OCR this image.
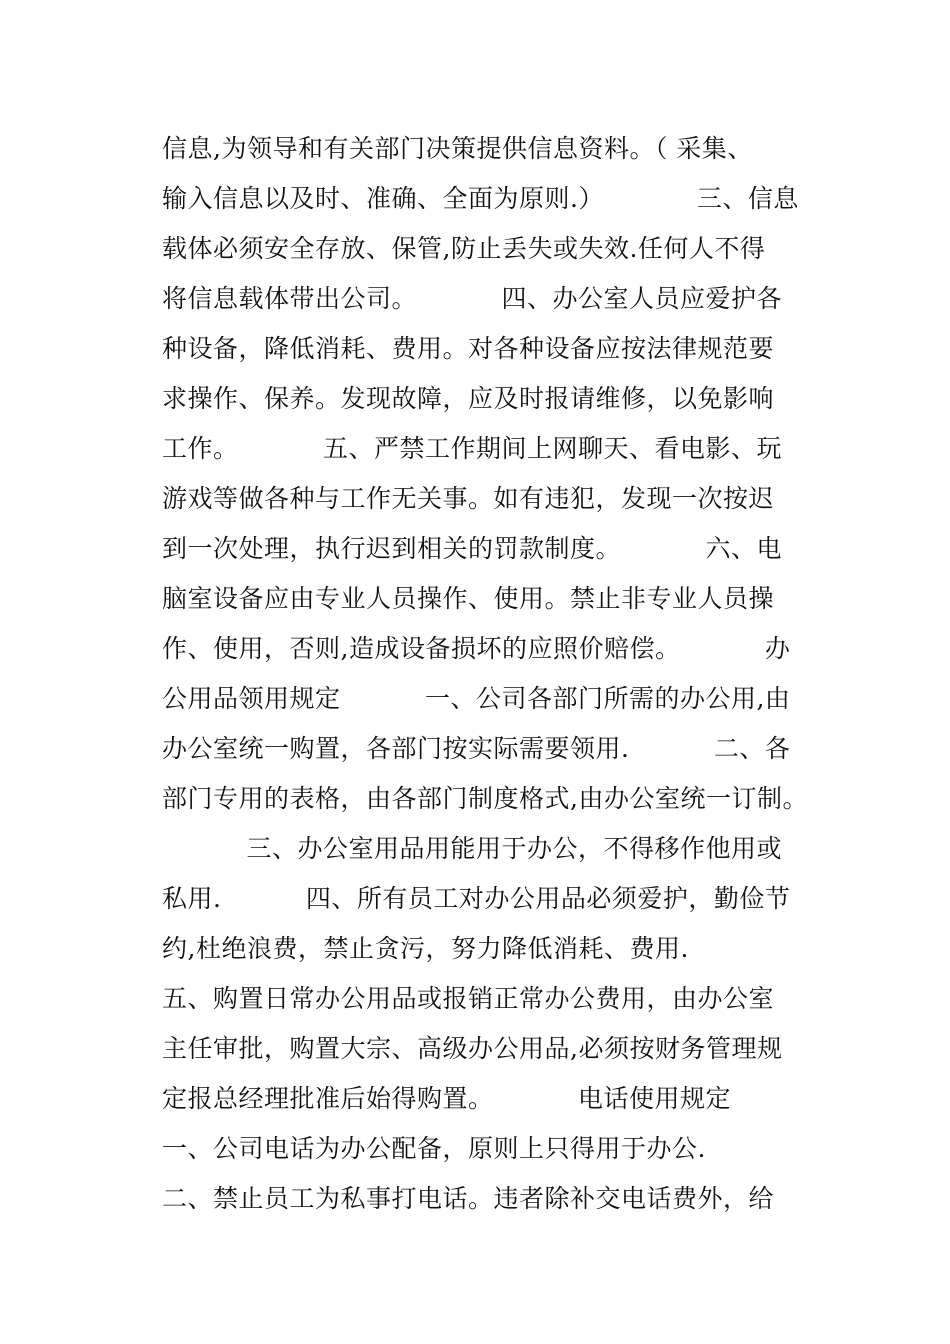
信息,为领导和有关部门决策提供信息资料。（ 采集、
输入信息以及时、准确、全面为原则.）           三、信息
载体必须安全存放、保管,防止丢失或失效.任何人不得
将信息载体带出公司。          四、办公室人员应爱护各
种设备，降低消耗、费用。对各种设备应按法律规范要
求操作、保养。发现故障，应及时报请维修，以免影响
工作。          五、严禁工作期间上网聊天、看电影、玩
游戏等做各种与工作无关事。如有违犯，发现一次按迟
到一次处理，执行迟到相关的罚款制度。          六、电
脑室设备应由专业人员操作、使用。禁止非专业人员操
作、使用，否则,造成设备损坏的应照价赔偿。          办
公用品领用规定          一、公司各部门所需的办公用,由
办公室统一购置，各部门按实际需要领用.          二、各
部门专用的表格，由各部门制度格式,由办公室统一订制。
三、办公室用品用能用于办公，不得移作他用或
私用.          四、所有员工对办公用品必须爱护，勤俭节
约,杜绝浪费，禁止贪污，努力降低消耗、费用.
五、购置日常办公用品或报销正常办公费用，由办公室
主任审批，购置大宗、高级办公用品,必须按财务管理规
定报总经理批准后始得购置。          电话使用规定
一、公司电话为办公配备，原则上只得用于办公.
二、禁止员工为私事打电话。违者除补交电话费外，给
